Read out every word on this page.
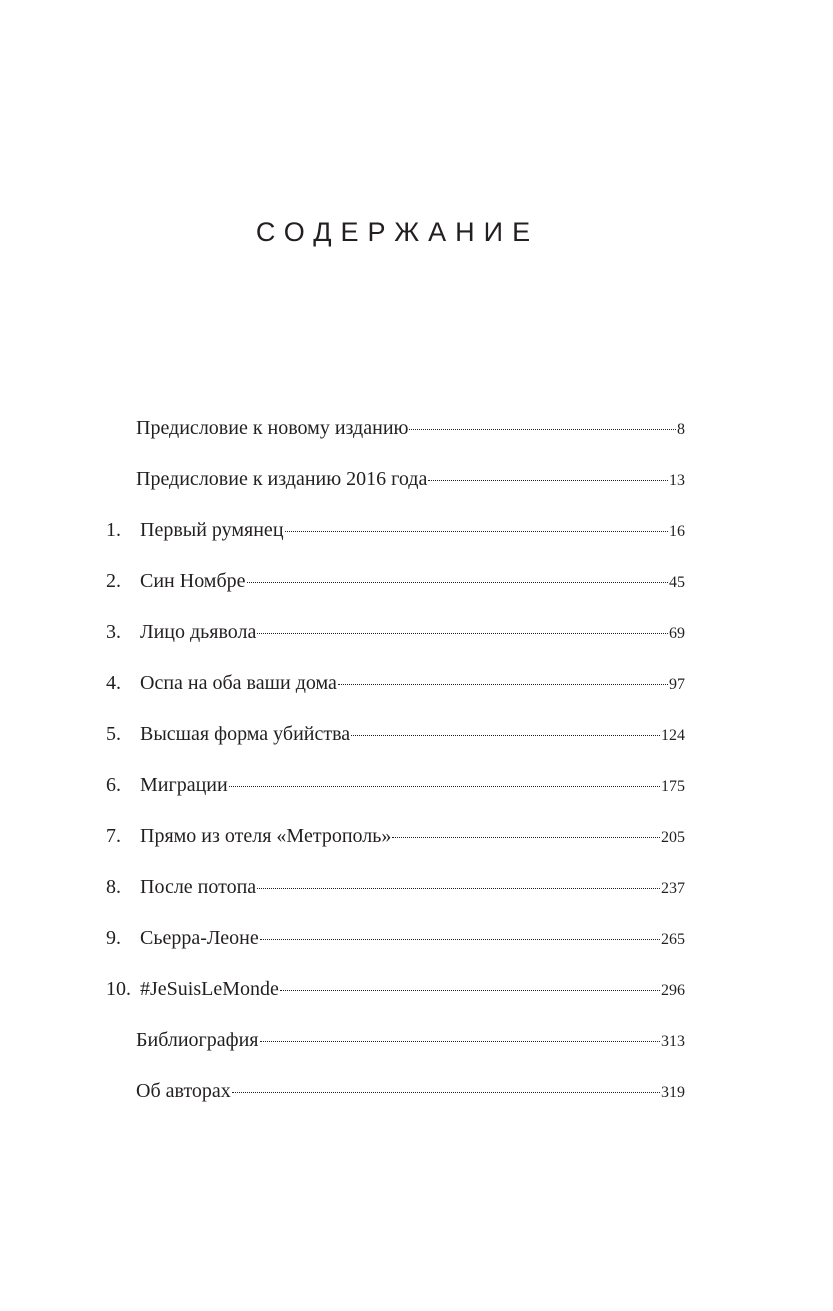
СОДЕРЖАНИЕ
Предисловие к новому изданию	8
Предисловие к изданию 2016 года	13
1. Первый румянец	16
2. Син Номбре	45
3. Лицо дьявола	69
4. Оспа на оба ваши дома	97
5. Высшая форма убийства	124
6. Миграции	175
7. Прямо из отеля «Метрополь»	205
8. После потопа	237
9. Сьерра-Леоне	265
10. #JeSuisLeMonde	296
Библиография	313
Об авторах	319
